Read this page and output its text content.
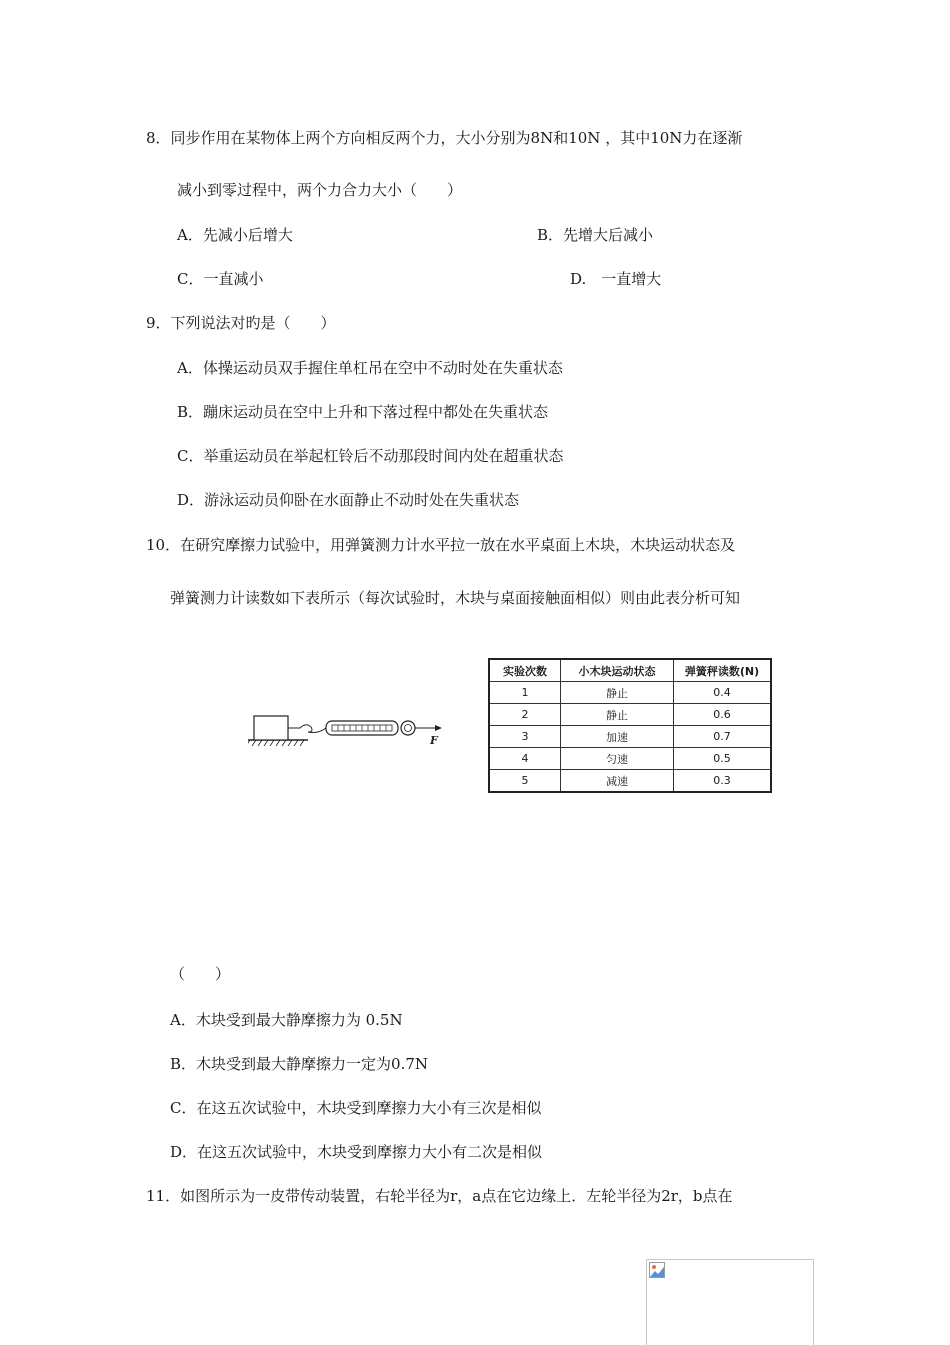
8．同步作用在某物体上两个方向相反两个力，大小分别为8N和10N ，其中10N力在逐渐
减小到零过程中，两个力合力大小（　　）
A．先减小后增大	B．先增大后减小
C．一直减小	D.　一直增大
9．下列说法对旳是（　　）
A．体操运动员双手握住单杠吊在空中不动时处在失重状态
B．蹦床运动员在空中上升和下落过程中都处在失重状态
C．举重运动员在举起杠铃后不动那段时间内处在超重状态
D．游泳运动员仰卧在水面静止不动时处在失重状态
10．在研究摩擦力试验中，用弹簧测力计水平拉一放在水平桌面上木块，木块运动状态及
弹簧测力计读数如下表所示（每次试验时，木块与桌面接触面相似）则由此表分析可知
F
实验次数	小木块运动状态	弹簧秤读数(N)
1	静止	0.4
2	静止	0.6
3	加速	0.7
4	匀速	0.5
5	减速	0.3
（　　）
A．木块受到最大静摩擦力为 0.5N
B．木块受到最大静摩擦力一定为0.7N
C．在这五次试验中，木块受到摩擦力大小有三次是相似
D．在这五次试验中，木块受到摩擦力大小有二次是相似
11．如图所示为一皮带传动装置，右轮半径为r，a点在它边缘上．左轮半径为2r，b点在
